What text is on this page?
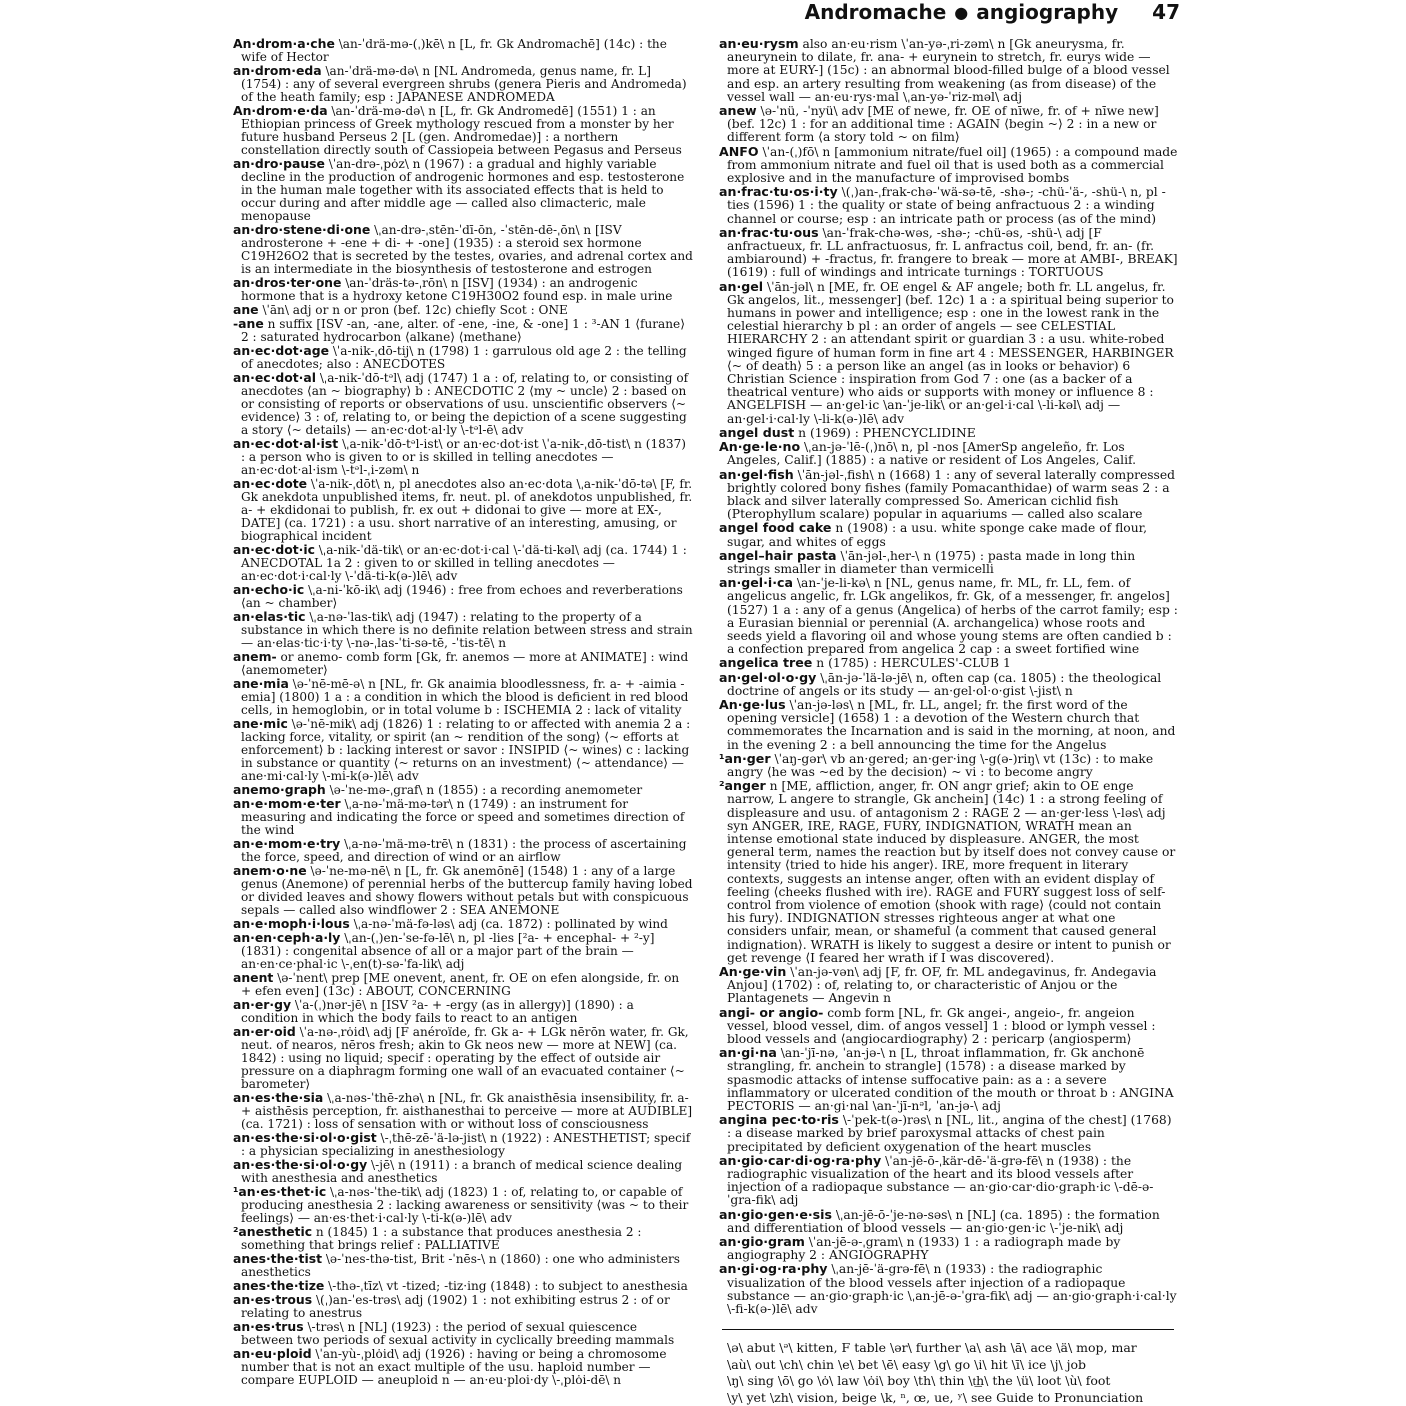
Andromache ● angiography 47

An·drom·a·che \an-ˈdrä-mə-(ˌ)kē\ n [L, fr. Gk Andromachē] (14c) : the wife of Hector

an·drom·eda \an-ˈdrä-mə-də\ n [NL Andromeda, genus name, fr. L] (1754) : any of several evergreen shrubs (genera Pieris and Andromeda) of the heath family; esp : JAPANESE ANDROMEDA

An·drom·e·da \an-ˈdrä-mə-də\ n [L, fr. Gk Andromedē] (1551) 1 : an Ethiopian princess of Greek mythology rescued from a monster by her future husband Perseus 2 [L (gen. Andromedae)] : a northern constellation directly south of Cassiopeia between Pegasus and Perseus

an·dro·pause \ˈan-drə-ˌpȯz\ n (1967) : a gradual and highly variable decline in the production of androgenic hormones and esp. testosterone in the human male together with its associated effects that is held to occur during and after middle age — called also climacteric, male menopause

an·dro·stene·di·one \ˌan-drə-ˌstēn-ˈdī-ōn, -ˈstēn-dē-ˌōn\ n [ISV androsterone + -ene + di- + -one] (1935) : a steroid sex hormone C19H26O2 that is secreted by the testes, ovaries, and adrenal cortex and is an intermediate in the biosynthesis of testosterone and estrogen

an·dros·ter·one \an-ˈdräs-tə-ˌrōn\ n [ISV] (1934) : an androgenic hormone that is a hydroxy ketone C19H30O2 found esp. in male urine

ane \ˈān\ adj or n or pron (bef. 12c) chiefly Scot : ONE

-ane n suffix [ISV -an, -ane, alter. of -ene, -ine, & -one] 1 : ³-AN 1 ⟨furane⟩ 2 : saturated hydrocarbon ⟨alkane⟩ ⟨methane⟩

an·ec·dot·age \ˈa-nik-ˌdō-tij\ n (1798) 1 : garrulous old age 2 : the telling of anecdotes; also : ANECDOTES

an·ec·dot·al \ˌa-nik-ˈdō-tᵊl\ adj (1747) 1 a : of, relating to, or consisting of anecdotes ⟨an ~ biography⟩ b : ANECDOTIC 2 ⟨my ~ uncle⟩ 2 : based on or consisting of reports or observations of usu. unscientific observers ⟨~ evidence⟩ 3 : of, relating to, or being the depiction of a scene suggesting a story ⟨~ details⟩ — an·ec·dot·al·ly \-tᵊl-ē\ adv

an·ec·dot·al·ist \ˌa-nik-ˈdō-tᵊl-ist\ or an·ec·dot·ist \ˈa-nik-ˌdō-tist\ n (1837) : a person who is given to or is skilled in telling anecdotes — an·ec·dot·al·ism \-tᵊl-ˌi-zəm\ n

an·ec·dote \ˈa-nik-ˌdōt\ n, pl anecdotes also an·ec·dota \ˌa-nik-ˈdō-tə\ [F, fr. Gk anekdota unpublished items, fr. neut. pl. of anekdotos unpublished, fr. a- + ekdidonai to publish, fr. ex out + didonai to give — more at EX-, DATE] (ca. 1721) : a usu. short narrative of an interesting, amusing, or biographical incident

an·ec·dot·ic \ˌa-nik-ˈdä-tik\ or an·ec·dot·i·cal \-ˈdä-ti-kəl\ adj (ca. 1744) 1 : ANECDOTAL 1a 2 : given to or skilled in telling anecdotes — an·ec·dot·i·cal·ly \-ˈdä-ti-k(ə-)lē\ adv

an·echo·ic \ˌa-ni-ˈkō-ik\ adj (1946) : free from echoes and reverberations ⟨an ~ chamber⟩

an·elas·tic \ˌa-nə-ˈlas-tik\ adj (1947) : relating to the property of a substance in which there is no definite relation between stress and strain — an·elas·tic·i·ty \-nə-ˌlas-ˈti-sə-tē, -ˈtis-tē\ n

anem- or anemo- comb form [Gk, fr. anemos — more at ANIMATE] : wind ⟨anemometer⟩

ane·mia \ə-ˈnē-mē-ə\ n [NL, fr. Gk anaimia bloodlessness, fr. a- + -aimia -emia] (1800) 1 a : a condition in which the blood is deficient in red blood cells, in hemoglobin, or in total volume b : ISCHEMIA 2 : lack of vitality

ane·mic \ə-ˈnē-mik\ adj (1826) 1 : relating to or affected with anemia 2 a : lacking force, vitality, or spirit ⟨an ~ rendition of the song⟩ ⟨~ efforts at enforcement⟩ b : lacking interest or savor : INSIPID ⟨~ wines⟩ c : lacking in substance or quantity ⟨~ returns on an investment⟩ ⟨~ attendance⟩ — ane·mi·cal·ly \-mi-k(ə-)lē\ adv

anemo·graph \ə-ˈne-mə-ˌgraf\ n (1855) : a recording anemometer

an·e·mom·e·ter \ˌa-nə-ˈmä-mə-tər\ n (1749) : an instrument for measuring and indicating the force or speed and sometimes direction of the wind

an·e·mom·e·try \ˌa-nə-ˈmä-mə-trē\ n (1831) : the process of ascertaining the force, speed, and direction of wind or an airflow

anem·o·ne \ə-ˈne-mə-nē\ n [L, fr. Gk anemōnē] (1548) 1 : any of a large genus (Anemone) of perennial herbs of the buttercup family having lobed or divided leaves and showy flowers without petals but with conspicuous sepals — called also windflower 2 : SEA ANEMONE

an·e·moph·i·lous \ˌa-nə-ˈmä-fə-ləs\ adj (ca. 1872) : pollinated by wind

an·en·ceph·a·ly \ˌan-(ˌ)en-ˈse-fə-lē\ n, pl -lies [²a- + encephal- + ²-y] (1831) : congenital absence of all or a major part of the brain — an·en·ce·phal·ic \-ˌen(t)-sə-ˈfa-lik\ adj

anent \ə-ˈnent\ prep [ME onevent, anent, fr. OE on efen alongside, fr. on + efen even] (13c) : ABOUT, CONCERNING

an·er·gy \ˈa-(ˌ)nər-jē\ n [ISV ²a- + -ergy (as in allergy)] (1890) : a condition in which the body fails to react to an antigen

an·er·oid \ˈa-nə-ˌrȯid\ adj [F anéroïde, fr. Gk a- + LGk nērōn water, fr. Gk, neut. of nearos, nēros fresh; akin to Gk neos new — more at NEW] (ca. 1842) : using no liquid; specif : operating by the effect of outside air pressure on a diaphragm forming one wall of an evacuated container ⟨~ barometer⟩

an·es·the·sia \ˌa-nəs-ˈthē-zhə\ n [NL, fr. Gk anaisthēsia insensibility, fr. a- + aisthēsis perception, fr. aisthanesthai to perceive — more at AUDIBLE] (ca. 1721) : loss of sensation with or without loss of consciousness

an·es·the·si·ol·o·gist \-ˌthē-zē-ˈä-lə-jist\ n (1922) : ANESTHETIST; specif : a physician specializing in anesthesiology

an·es·the·si·ol·o·gy \-jē\ n (1911) : a branch of medical science dealing with anesthesia and anesthetics

¹an·es·thet·ic \ˌa-nəs-ˈthe-tik\ adj (1823) 1 : of, relating to, or capable of producing anesthesia 2 : lacking awareness or sensitivity ⟨was ~ to their feelings⟩ — an·es·thet·i·cal·ly \-ti-k(ə-)lē\ adv

²anesthetic n (1845) 1 : a substance that produces anesthesia 2 : something that brings relief : PALLIATIVE

anes·the·tist \ə-ˈnes-thə-tist, Brit -ˈnēs-\ n (1860) : one who administers anesthetics

anes·the·tize \-thə-ˌtīz\ vt -tized; -tiz·ing (1848) : to subject to anesthesia

an·es·trous \(ˌ)an-ˈes-trəs\ adj (1902) 1 : not exhibiting estrus 2 : of or relating to anestrus

an·es·trus \-trəs\ n [NL] (1923) : the period of sexual quiescence between two periods of sexual activity in cyclically breeding mammals

an·eu·ploid \ˈan-yù-ˌplȯid\ adj (1926) : having or being a chromosome number that is not an exact multiple of the usu. haploid number — compare EUPLOID — aneuploid n — an·eu·ploi·dy \-ˌplȯi-dē\ n

an·eu·rysm also an·eu·rism \ˈan-yə-ˌri-zəm\ n [Gk aneurysma, fr. aneurynein to dilate, fr. ana- + eurynein to stretch, fr. eurys wide — more at EURY-] (15c) : an abnormal blood-filled bulge of a blood vessel and esp. an artery resulting from weakening (as from disease) of the vessel wall — an·eu·rys·mal \ˌan-yə-ˈriz-məl\ adj

anew \ə-ˈnü, -ˈnyü\ adv [ME of newe, fr. OE of nīwe, fr. of + nīwe new] (bef. 12c) 1 : for an additional time : AGAIN ⟨begin ~⟩ 2 : in a new or different form ⟨a story told ~ on film⟩

ANFO \ˈan-(ˌ)fō\ n [ammonium nitrate/fuel oil] (1965) : a compound made from ammonium nitrate and fuel oil that is used both as a commercial explosive and in the manufacture of improvised bombs

an·frac·tu·os·i·ty \(ˌ)an-ˌfrak-chə-ˈwä-sə-tē, -shə-; -chü-ˈä-, -shü-\ n, pl -ties (1596) 1 : the quality or state of being anfractuous 2 : a winding channel or course; esp : an intricate path or process (as of the mind)

an·frac·tu·ous \an-ˈfrak-chə-wəs, -shə-; -chü-əs, -shü-\ adj [F anfractueux, fr. LL anfractuosus, fr. L anfractus coil, bend, fr. an- (fr. ambiaround) + -fractus, fr. frangere to break — more at AMBI-, BREAK] (1619) : full of windings and intricate turnings : TORTUOUS

an·gel \ˈān-jəl\ n [ME, fr. OE engel & AF angele; both fr. LL angelus, fr. Gk angelos, lit., messenger] (bef. 12c) 1 a : a spiritual being superior to humans in power and intelligence; esp : one in the lowest rank in the celestial hierarchy b pl : an order of angels — see CELESTIAL HIERARCHY 2 : an attendant spirit or guardian 3 : a usu. white-robed winged figure of human form in fine art 4 : MESSENGER, HARBINGER ⟨~ of death⟩ 5 : a person like an angel (as in looks or behavior) 6 Christian Science : inspiration from God 7 : one (as a backer of a theatrical venture) who aids or supports with money or influence 8 : ANGELFISH — an·gel·ic \an-ˈje-lik\ or an·gel·i·cal \-li-kəl\ adj — an·gel·i·cal·ly \-li-k(ə-)lē\ adv

angel dust n (1969) : PHENCYCLIDINE

An·ge·le·no \ˌan-jə-ˈlē-(ˌ)nō\ n, pl -nos [AmerSp angeleño, fr. Los Angeles, Calif.] (1885) : a native or resident of Los Angeles, Calif.

an·gel·fish \ˈān-jəl-ˌfish\ n (1668) 1 : any of several laterally compressed brightly colored bony fishes (family Pomacanthidae) of warm seas 2 : a black and silver laterally compressed So. American cichlid fish (Pterophyllum scalare) popular in aquariums — called also scalare

angel food cake n (1908) : a usu. white sponge cake made of flour, sugar, and whites of eggs

angel–hair pasta \ˈān-jəl-ˌher-\ n (1975) : pasta made in long thin strings smaller in diameter than vermicelli

an·gel·i·ca \an-ˈje-li-kə\ n [NL, genus name, fr. ML, fr. LL, fem. of angelicus angelic, fr. LGk angelikos, fr. Gk, of a messenger, fr. angelos] (1527) 1 a : any of a genus (Angelica) of herbs of the carrot family; esp : a Eurasian biennial or perennial (A. archangelica) whose roots and seeds yield a flavoring oil and whose young stems are often candied b : a confection prepared from angelica 2 cap : a sweet fortified wine

angelica tree n (1785) : HERCULES'-CLUB 1

an·gel·ol·o·gy \ˌān-jə-ˈlä-lə-jē\ n, often cap (ca. 1805) : the theological doctrine of angels or its study — an·gel·ol·o·gist \-jist\ n

An·ge·lus \ˈan-jə-ləs\ n [ML, fr. LL, angel; fr. the first word of the opening versicle] (1658) 1 : a devotion of the Western church that commemorates the Incarnation and is said in the morning, at noon, and in the evening 2 : a bell announcing the time for the Angelus

¹an·ger \ˈaŋ-gər\ vb an·gered; an·ger·ing \-g(ə-)riŋ\ vt (13c) : to make angry ⟨he was ~ed by the decision⟩ ~ vi : to become angry

²anger n [ME, affliction, anger, fr. ON angr grief; akin to OE enge narrow, L angere to strangle, Gk anchein] (14c) 1 : a strong feeling of displeasure and usu. of antagonism 2 : RAGE 2 — an·ger·less \-ləs\ adj syn ANGER, IRE, RAGE, FURY, INDIGNATION, WRATH mean an intense emotional state induced by displeasure. ANGER, the most general term, names the reaction but by itself does not convey cause or intensity ⟨tried to hide his anger⟩. IRE, more frequent in literary contexts, suggests an intense anger, often with an evident display of feeling ⟨cheeks flushed with ire⟩. RAGE and FURY suggest loss of self-control from violence of emotion ⟨shook with rage⟩ ⟨could not contain his fury⟩. INDIGNATION stresses righteous anger at what one considers unfair, mean, or shameful ⟨a comment that caused general indignation⟩. WRATH is likely to suggest a desire or intent to punish or get revenge ⟨I feared her wrath if I was discovered⟩.

An·ge·vin \ˈan-jə-vən\ adj [F, fr. OF, fr. ML andegavinus, fr. Andegavia Anjou] (1702) : of, relating to, or characteristic of Anjou or the Plantagenets — Angevin n

angi- or angio- comb form [NL, fr. Gk angei-, angeio-, fr. angeion vessel, blood vessel, dim. of angos vessel] 1 : blood or lymph vessel : blood vessels and ⟨angiocardiography⟩ 2 : pericarp ⟨angiosperm⟩

an·gi·na \an-ˈjī-nə, ˈan-jə-\ n [L, throat inflammation, fr. Gk anchonē strangling, fr. anchein to strangle] (1578) : a disease marked by spasmodic attacks of intense suffocative pain: as a : a severe inflammatory or ulcerated condition of the mouth or throat b : ANGINA PECTORIS — an·gi·nal \an-ˈjī-nᵊl, ˈan-jə-\ adj

angina pec·to·ris \-ˈpek-t(ə-)rəs\ n [NL, lit., angina of the chest] (1768) : a disease marked by brief paroxysmal attacks of chest pain precipitated by deficient oxygenation of the heart muscles

an·gio·car·di·og·ra·phy \ˈan-jē-ō-ˌkär-dē-ˈä-grə-fē\ n (1938) : the radiographic visualization of the heart and its blood vessels after injection of a radiopaque substance — an·gio·car·dio·graph·ic \-dē-ə-ˈgra-fik\ adj

an·gio·gen·e·sis \ˌan-jē-ō-ˈje-nə-səs\ n [NL] (ca. 1895) : the formation and differentiation of blood vessels — an·gio·gen·ic \-ˈje-nik\ adj

an·gio·gram \ˈan-jē-ə-ˌgram\ n (1933) 1 : a radiograph made by angiography 2 : ANGIOGRAPHY

an·gi·og·ra·phy \ˌan-jē-ˈä-grə-fē\ n (1933) : the radiographic visualization of the blood vessels after injection of a radiopaque substance — an·gio·graph·ic \ˌan-jē-ə-ˈgra-fik\ adj — an·gio·graph·i·cal·ly \-fi-k(ə-)lē\ adv

\ə\ abut \ᵊ\ kitten, F table \ər\ further \a\ ash \ā\ ace \ä\ mop, mar
\aù\ out \ch\ chin \e\ bet \ē\ easy \g\ go \i\ hit \ī\ ice \j\ job
\ŋ\ sing \ō\ go \ȯ\ law \ȯi\ boy \th\ thin \t͟h\ the \ü\ loot \ù\ foot
\y\ yet \zh\ vision, beige \k, ⁿ, œ, ue, ʸ\ see Guide to Pronunciation
